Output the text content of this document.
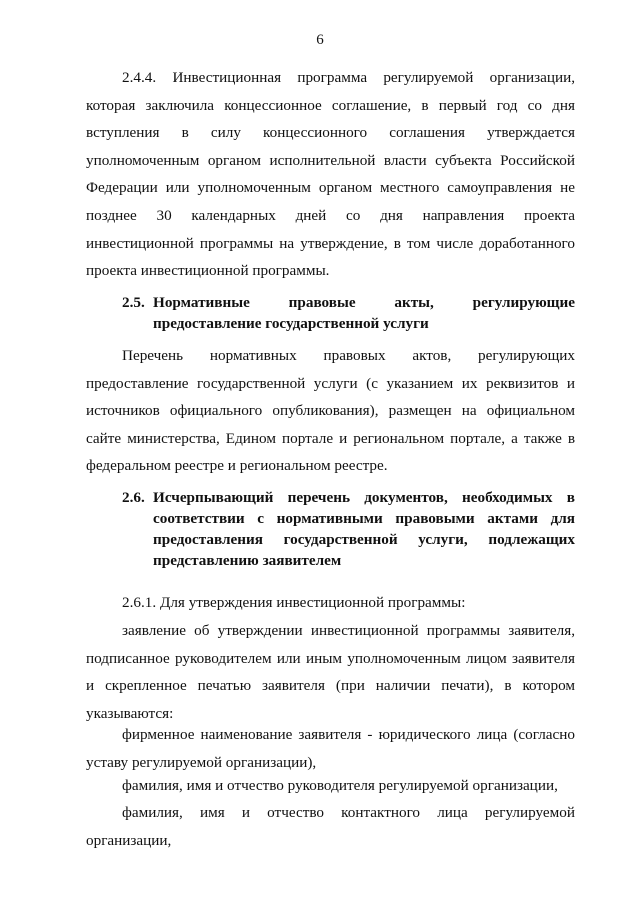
6
2.4.4. Инвестиционная программа регулируемой организации, которая заключила концессионное соглашение, в первый год со дня вступления в силу концессионного соглашения утверждается уполномоченным органом исполнительной власти субъекта Российской Федерации или уполномоченным органом местного самоуправления не позднее 30 календарных дней со дня направления проекта инвестиционной программы на утверждение, в том числе доработанного проекта инвестиционной программы.
2.5. Нормативные правовые акты, регулирующие предоставление государственной услуги
Перечень нормативных правовых актов, регулирующих предоставление государственной услуги (с указанием их реквизитов и источников официального опубликования), размещен на официальном сайте министерства, Едином портале и региональном портале, а также в федеральном реестре и региональном реестре.
2.6. Исчерпывающий перечень документов, необходимых в соответствии с нормативными правовыми актами для предоставления государственной услуги, подлежащих представлению заявителем
2.6.1. Для утверждения инвестиционной программы:
заявление об утверждении инвестиционной программы заявителя, подписанное руководителем или иным уполномоченным лицом заявителя и скрепленное печатью заявителя (при наличии печати), в котором указываются:
фирменное наименование заявителя - юридического лица (согласно уставу регулируемой организации),
фамилия, имя и отчество руководителя регулируемой организации,
фамилия, имя и отчество контактного лица регулируемой организации,
